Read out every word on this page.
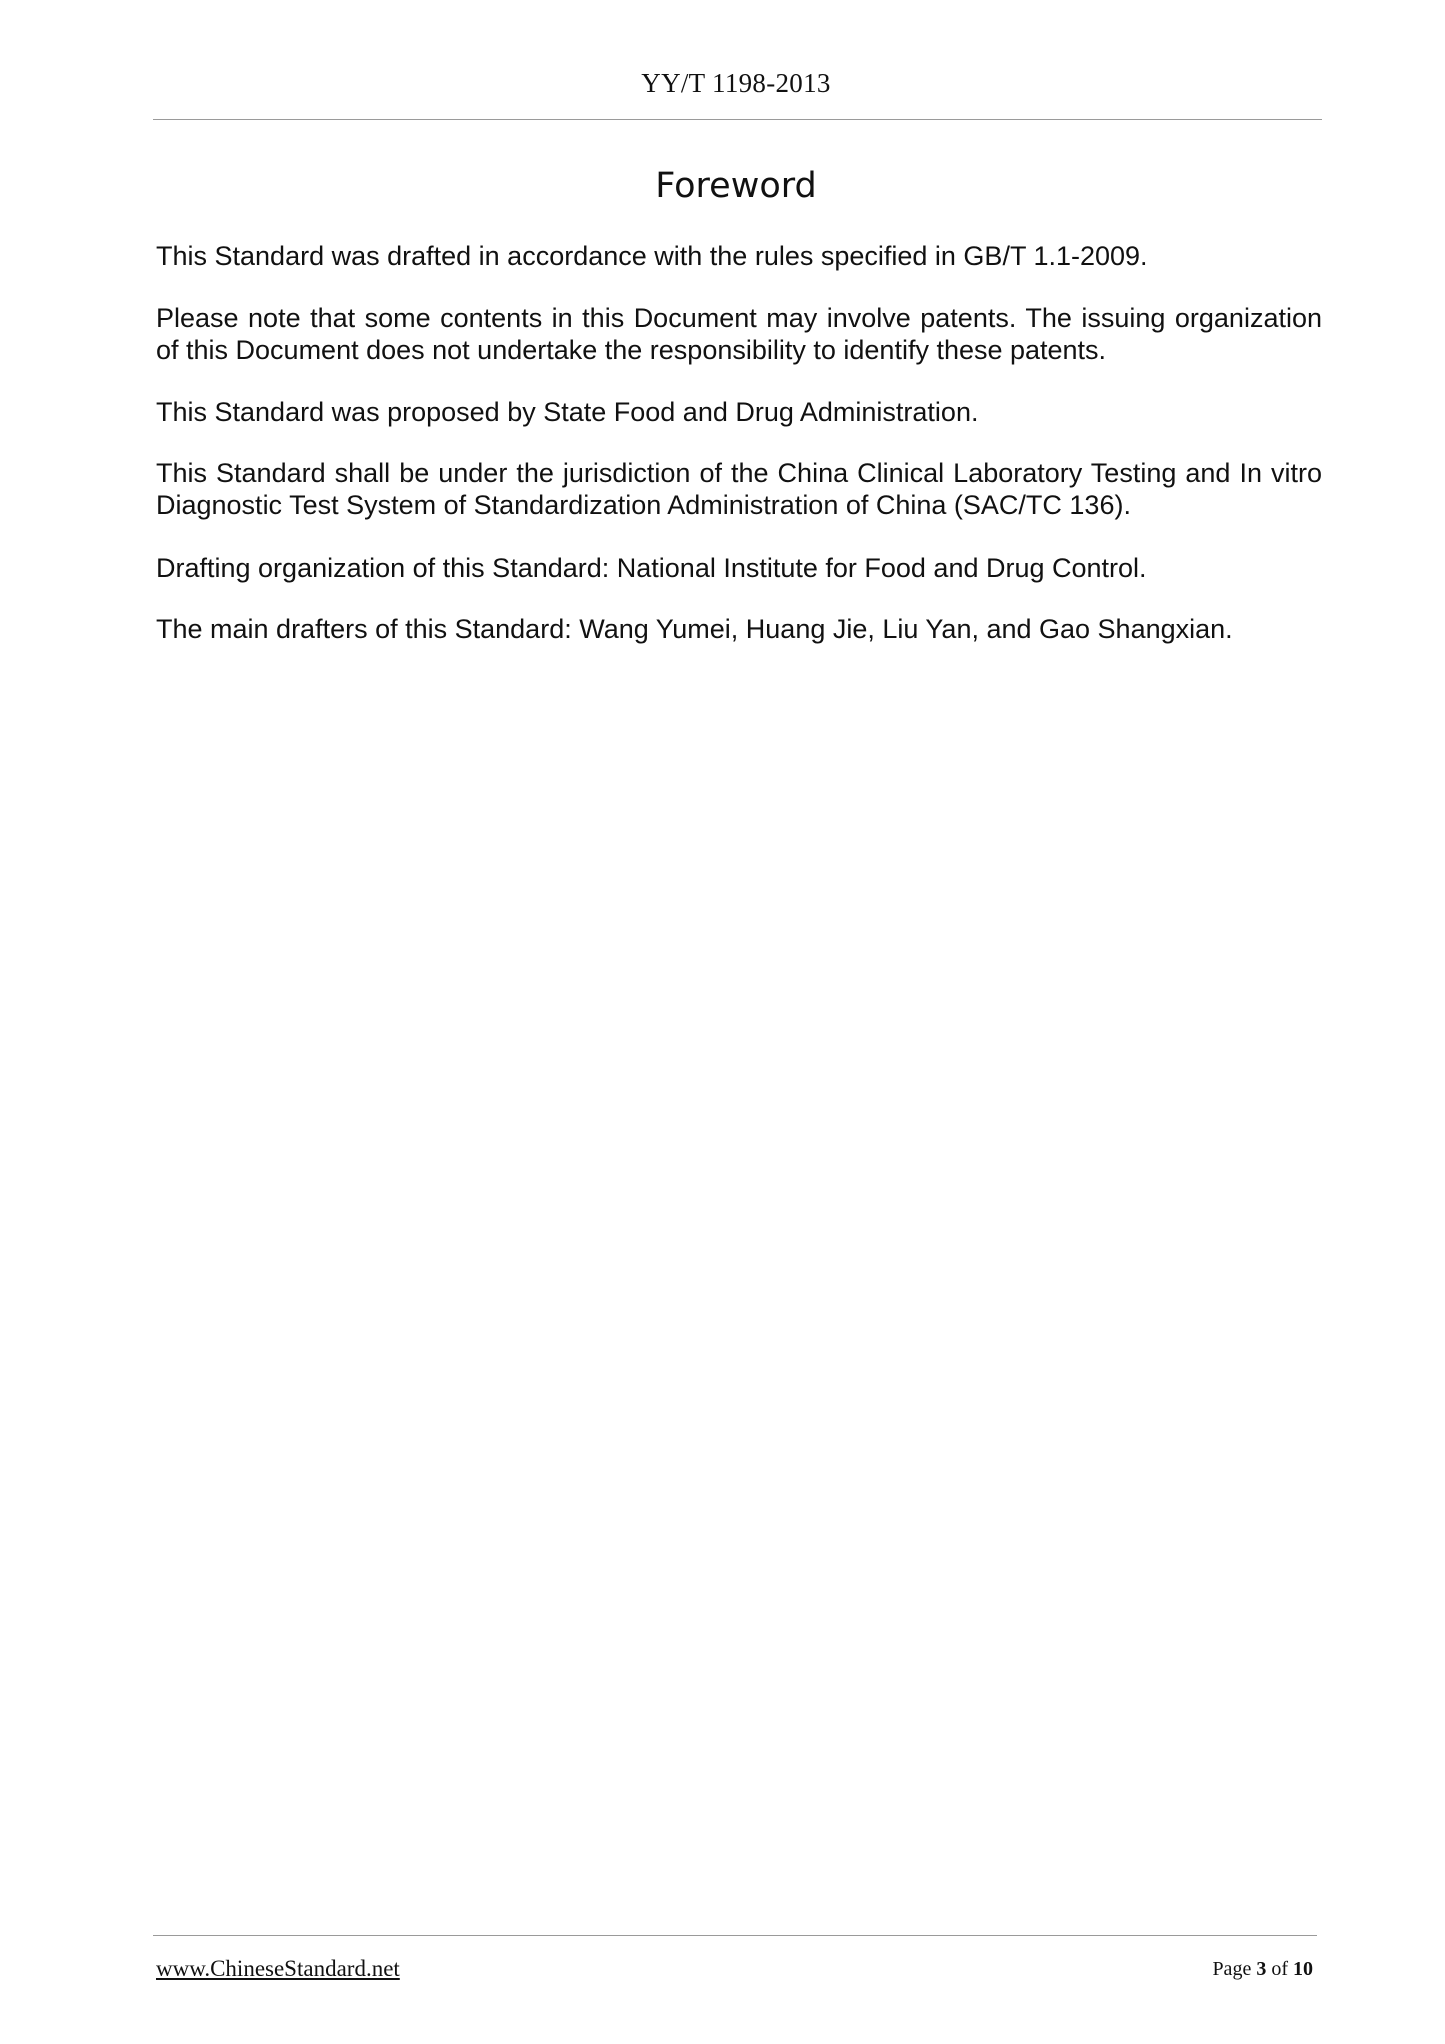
YY/T 1198-2013
Foreword

This Standard was drafted in accordance with the rules specified in GB/T 1.1-2009.

Please note that some contents in this Document may involve patents. The issuing organization of this Document does not undertake the responsibility to identify these patents.

This Standard was proposed by State Food and Drug Administration.

This Standard shall be under the jurisdiction of the China Clinical Laboratory Testing and In vitro Diagnostic Test System of Standardization Administration of China (SAC/TC 136).

Drafting organization of this Standard: National Institute for Food and Drug Control.

The main drafters of this Standard: Wang Yumei, Huang Jie, Liu Yan, and Gao Shangxian.

www.ChineseStandard.net	Page 3 of 10
